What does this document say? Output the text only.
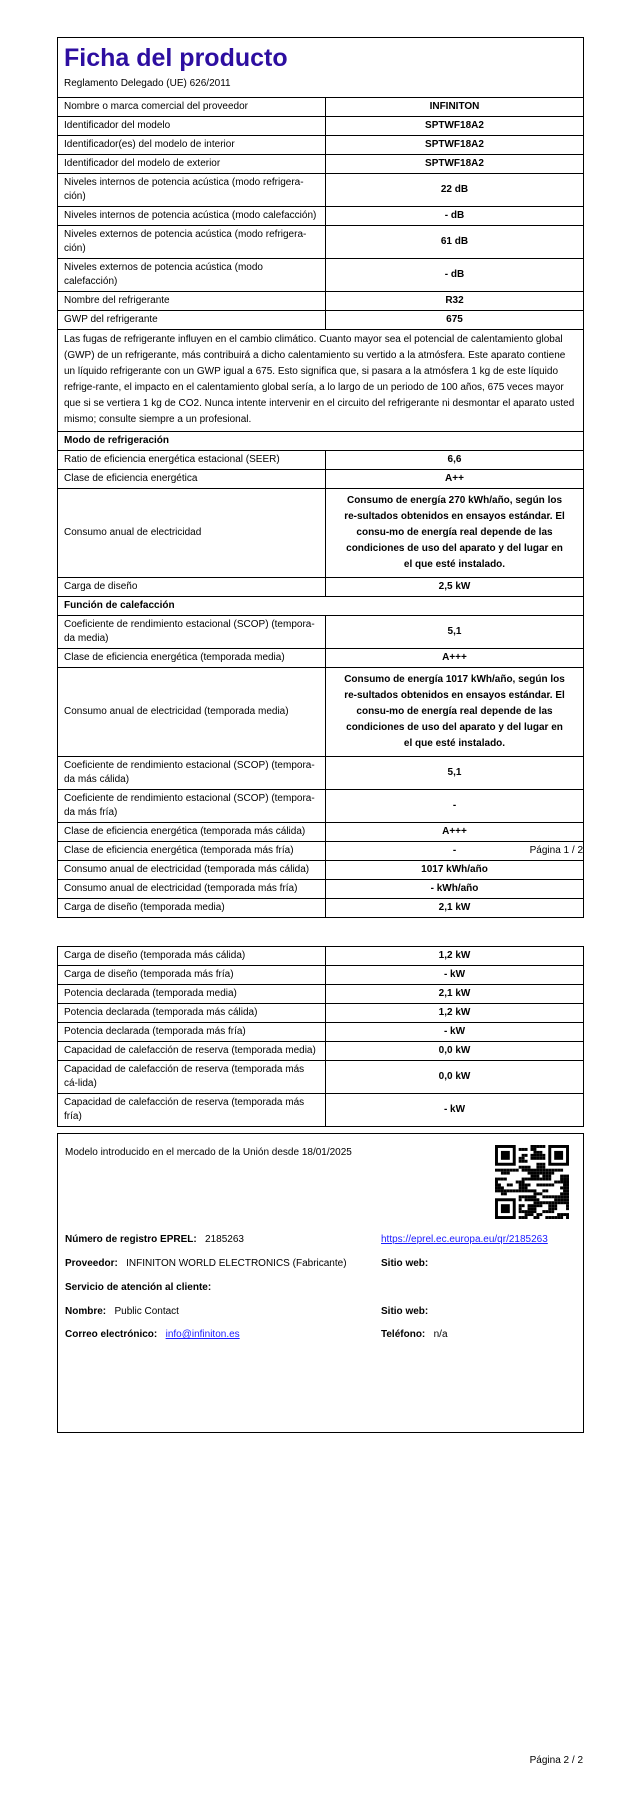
Ficha del producto
Reglamento Delegado (UE) 626/2011
Nombre o marca comercial del proveedor	INFINITON
Identificador del modelo	SPTWF18A2
Identificador(es) del modelo de interior	SPTWF18A2
Identificador del modelo de exterior	SPTWF18A2
Niveles internos de potencia acústica (modo refrigera-ción)	22 dB
Niveles internos de potencia acústica (modo calefacción)	- dB
Niveles externos de potencia acústica (modo refrigera-ción)	61 dB
Niveles externos de potencia acústica (modo calefacción)	- dB
Nombre del refrigerante	R32
GWP del refrigerante	675
Las fugas de refrigerante influyen en el cambio climático. Cuanto mayor sea el potencial de calentamiento global (GWP) de un refrigerante, más contribuirá a dicho calentamiento su vertido a la atmósfera. Este aparato contiene un líquido refrigerante con un GWP igual a 675. Esto significa que, si pasara a la atmósfera 1 kg de este líquido refrige-rante, el impacto en el calentamiento global sería, a lo largo de un periodo de 100 años, 675 veces mayor que si se vertiera 1 kg de CO2. Nunca intente intervenir en el circuito del refrigerante ni desmontar el aparato usted mismo; consulte siempre a un profesional.	
Modo de refrigeración	
Ratio de eficiencia energética estacional (SEER)	6,6
Clase de eficiencia energética	A++
Consumo anual de electricidad	Consumo de energía 270 kWh/año, según los re-sultados obtenidos en ensayos estándar. El consu-mo de energía real depende de las condiciones de uso del aparato y del lugar en el que esté instalado.
Carga de diseño	2,5 kW
Función de calefacción	
Coeficiente de rendimiento estacional (SCOP) (tempora-da media)	5,1
Clase de eficiencia energética (temporada media)	A+++
Consumo anual de electricidad (temporada media)	Consumo de energía 1017 kWh/año, según los re-sultados obtenidos en ensayos estándar. El consu-mo de energía real depende de las condiciones de uso del aparato y del lugar en el que esté instalado.
Coeficiente de rendimiento estacional (SCOP) (tempora-da más cálida)	5,1
Coeficiente de rendimiento estacional (SCOP) (tempora-da más fría)	-
Clase de eficiencia energética (temporada más cálida)	A+++
Clase de eficiencia energética (temporada más fría)	-
Consumo anual de electricidad (temporada más cálida)	1017 kWh/año
Consumo anual de electricidad (temporada más fría)	- kWh/año
Carga de diseño (temporada media)	2,1 kW
Página 1 / 2
Carga de diseño (temporada más cálida)	1,2 kW
Carga de diseño (temporada más fría)	- kW
Potencia declarada (temporada media)	2,1 kW
Potencia declarada (temporada más cálida)	1,2 kW
Potencia declarada (temporada más fría)	- kW
Capacidad de calefacción de reserva (temporada media)	0,0 kW
Capacidad de calefacción de reserva (temporada más cá-lida)	0,0 kW
Capacidad de calefacción de reserva (temporada más fría)	- kW
Modelo introducido en el mercado de la Unión desde 18/01/2025
Número de registro EPREL: 2185263	https://eprel.ec.europa.eu/qr/2185263
Proveedor: INFINITON WORLD ELECTRONICS (Fabricante)	Sitio web:
Servicio de atención al cliente:
Nombre: Public Contact	Sitio web:
Correo electrónico: info@infiniton.es	Teléfono: n/a
Página 2 / 2
